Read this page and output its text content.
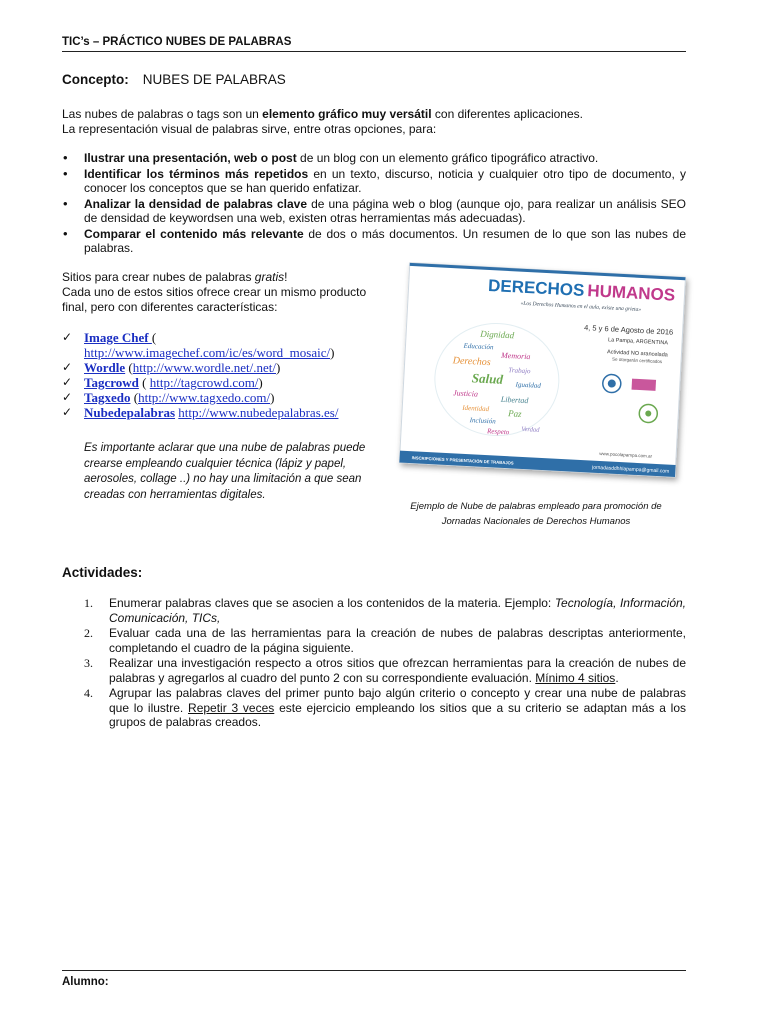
TIC’s – PRÁCTICO NUBES DE PALABRAS
Concepto: NUBES DE PALABRAS
Las nubes de palabras o tags son un elemento gráfico muy versátil con diferentes aplicaciones.
La representación visual de palabras sirve, entre otras opciones, para:
• Ilustrar una presentación, web o post de un blog con un elemento gráfico tipográfico atractivo.
• Identificar los términos más repetidos en un texto, discurso, noticia y cualquier otro tipo de documento, y conocer los conceptos que se han querido enfatizar.
• Analizar la densidad de palabras clave de una página web o blog (aunque ojo, para realizar un análisis SEO de densidad de keywordsen una web, existen otras herramientas más adecuadas).
• Comparar el contenido más relevante de dos o más documentos. Un resumen de lo que son las nubes de palabras.
Sitios para crear nubes de palabras gratis!
Cada uno de estos sitios ofrece crear un mismo producto final, pero con diferentes características:
✓ Image Chef ( http://www.imagechef.com/ic/es/word_mosaic/)
✓ Wordle (http://www.wordle.net/.net/)
✓ Tagcrowd ( http://tagcrowd.com/)
✓ Tagxedo (http://www.tagxedo.com/)
✓ Nubedepalabras http://www.nubedepalabras.es/
Es importante aclarar que una nube de palabras puede crearse empleando cualquier técnica (lápiz y papel, aerosoles, collage ..) no hay una limitación a que sean creadas con herramientas digitales.
DERECHOS HUMANOS
«Los Derechos Humanos en el aula, existe una grieta»
4, 5 y 6 de Agosto de 2016
La Pampa, ARGENTINA
Actividad NO arancelada
Se otorgarán certificados
Dignidad
Educación
Memoria
Derechos
Trabajo
Salud Igualdad
Justicia
Libertad
Identidad Paz
Inclusión
Respeto Verdad
www.pocolapampa.com.ar
INSCRIPCIONES Y PRESENTACIÓN DE TRABAJOS
jornadasddhhlapampa@gmail.com
Ejemplo de Nube de palabras empleado para promoción de
Jornadas Nacionales de Derechos Humanos
Actividades:
1. Enumerar palabras claves que se asocien a los contenidos de la materia. Ejemplo: Tecnología, Información, Comunicación, TICs,
2. Evaluar cada una de las herramientas para la creación de nubes de palabras descriptas anteriormente, completando el cuadro de la página siguiente.
3. Realizar una investigación respecto a otros sitios que ofrezcan herramientas para la creación de nubes de palabras y agregarlos al cuadro del punto 2 con su correspondiente evaluación. Mínimo 4 sitios.
4. Agrupar las palabras claves del primer punto bajo algún criterio o concepto y crear una nube de palabras que lo ilustre. Repetir 3 veces este ejercicio empleando los sitios que a su criterio se adaptan más a los grupos de palabras creados.
Alumno:
